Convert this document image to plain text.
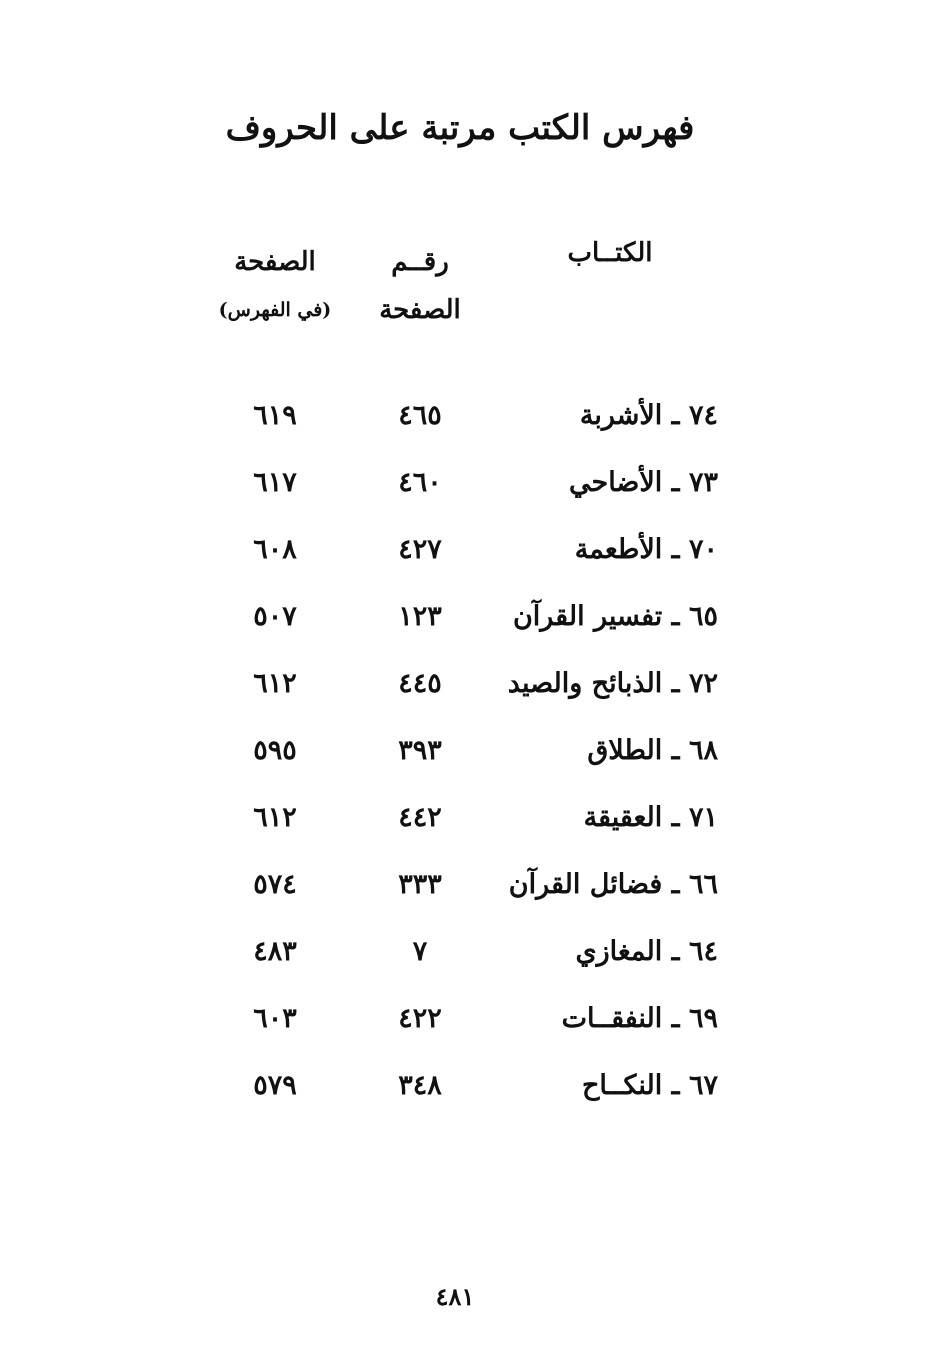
فهرس الكتب مرتبة على الحروف
الكتــاب
رقــم
الصفحة
الصفحة
(في الفهرس)
٧٤ ـ الأشربة
٤٦٥
٦١٩
٧٣ ـ الأضاحي
٤٦٠
٦١٧
٧٠ ـ الأطعمة
٤٢٧
٦٠٨
٦٥ ـ تفسير القرآن
١٢٣
٥٠٧
٧٢ ـ الذبائح والصيد
٤٤٥
٦١٢
٦٨ ـ الطلاق
٣٩٣
٥٩٥
٧١ ـ العقيقة
٤٤٢
٦١٢
٦٦ ـ فضائل القرآن
٣٣٣
٥٧٤
٦٤ ـ المغازي
٧
٤٨٣
٦٩ ـ النفقــات
٤٢٢
٦٠٣
٦٧ ـ النكــاح
٣٤٨
٥٧٩
٤٨١
